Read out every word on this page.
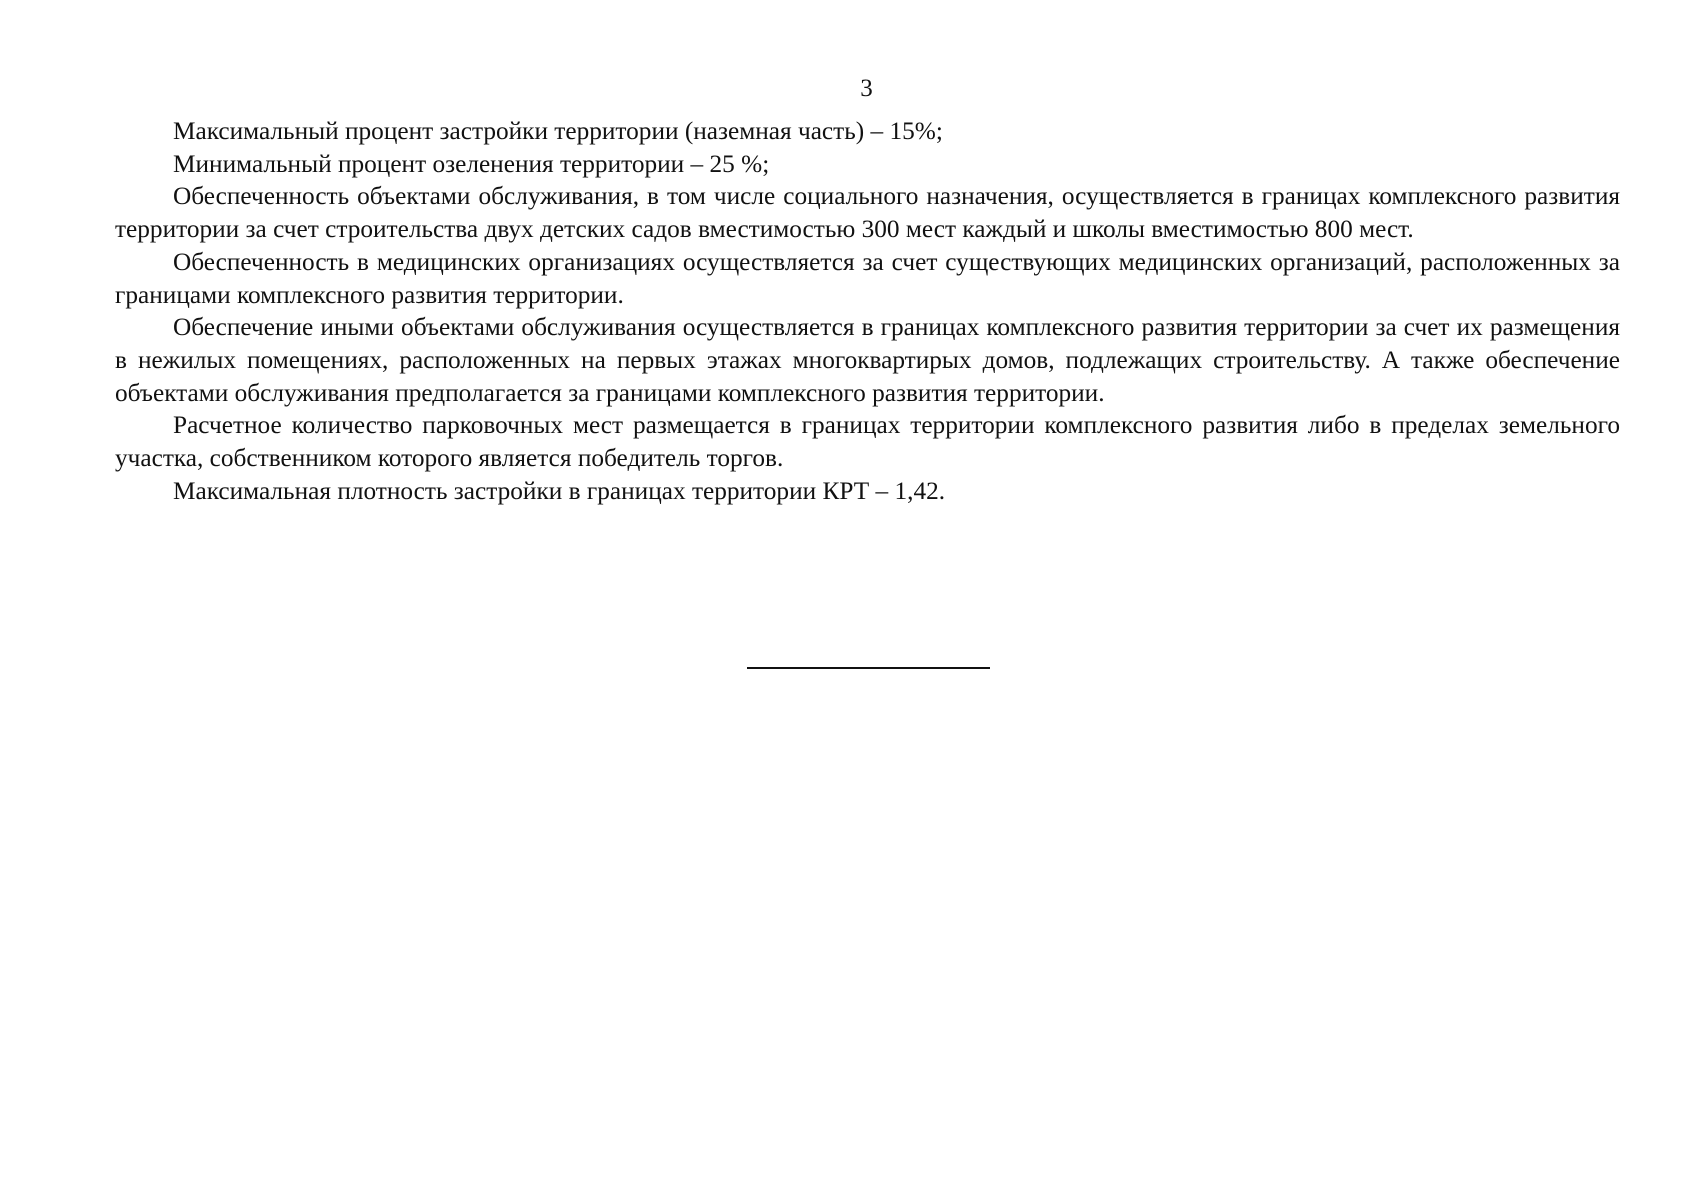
3

Максимальный процент застройки территории (наземная часть) – 15%;

Минимальный процент озеленения территории – 25 %;

Обеспеченность объектами обслуживания, в том числе социального назначения, осуществляется в границах комплексного развития территории за счет строительства двух детских садов вместимостью 300 мест каждый и школы вместимостью 800 мест.

Обеспеченность в медицинских организациях осуществляется за счет существующих медицинских организаций, расположенных за границами комплексного развития территории.

Обеспечение иными объектами обслуживания осуществляется в границах комплексного развития территории за счет их размещения в нежилых помещениях, расположенных на первых этажах многоквартирых домов, подлежащих строительству. А также обеспечение объектами обслуживания предполагается за границами комплексного развития территории.

Расчетное количество парковочных мест размещается в границах территории комплексного развития либо в пределах земельного участка, собственником которого является победитель торгов.

Максимальная плотность застройки в границах территории КРТ – 1,42.
